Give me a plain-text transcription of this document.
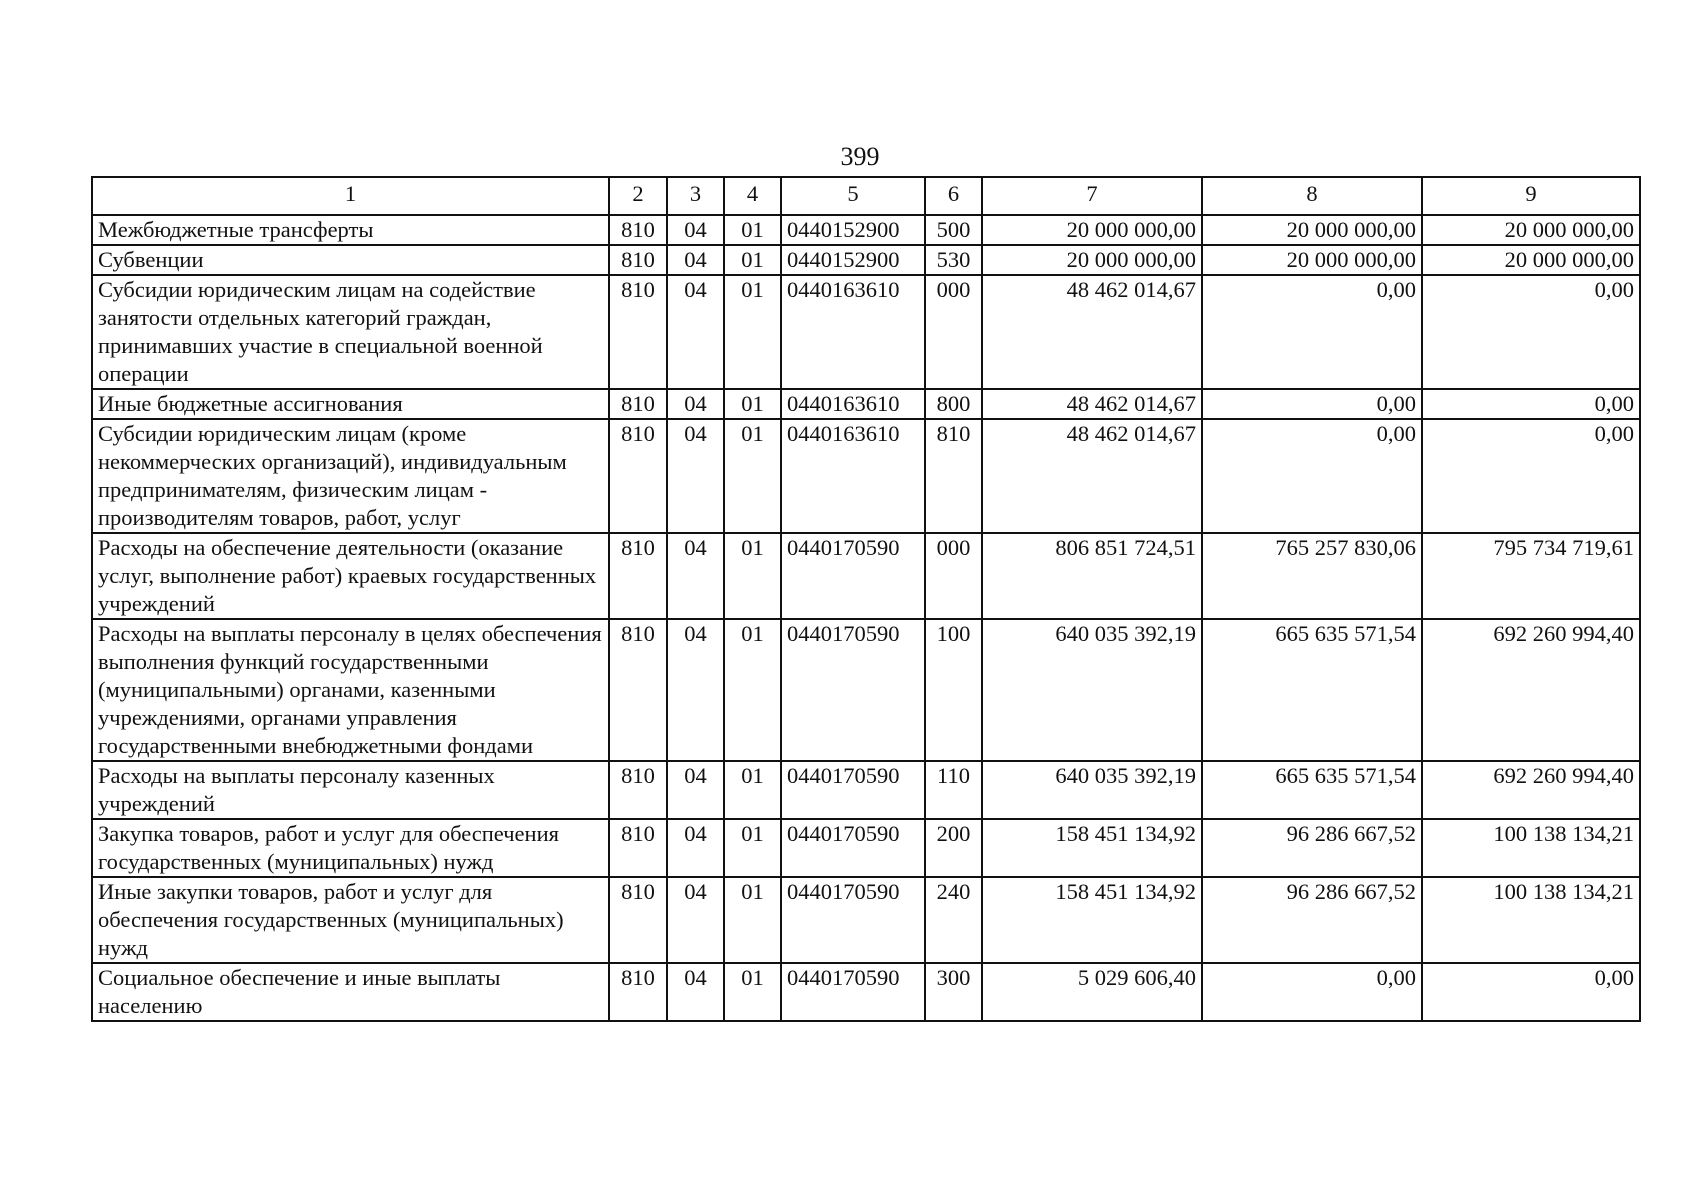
399
1	2	3	4	5	6	7	8	9
Межбюджетные трансферты	810	04	01	0440152900	500	20 000 000,00	20 000 000,00	20 000 000,00
Субвенции	810	04	01	0440152900	530	20 000 000,00	20 000 000,00	20 000 000,00
Субсидии юридическим лицам на содействие занятости отдельных категорий граждан, принимавших участие в специальной военной операции	810	04	01	0440163610	000	48 462 014,67	0,00	0,00
Иные бюджетные ассигнования	810	04	01	0440163610	800	48 462 014,67	0,00	0,00
Субсидии юридическим лицам (кроме некоммерческих организаций), индивидуальным предпринимателям, физическим лицам - производителям товаров, работ, услуг	810	04	01	0440163610	810	48 462 014,67	0,00	0,00
Расходы на обеспечение деятельности (оказание услуг, выполнение работ) краевых государственных учреждений	810	04	01	0440170590	000	806 851 724,51	765 257 830,06	795 734 719,61
Расходы на выплаты персоналу в целях обеспечения выполнения функций государственными (муниципальными) органами, казенными учреждениями, органами управления государственными внебюджетными фондами	810	04	01	0440170590	100	640 035 392,19	665 635 571,54	692 260 994,40
Расходы на выплаты персоналу казенных учреждений	810	04	01	0440170590	110	640 035 392,19	665 635 571,54	692 260 994,40
Закупка товаров, работ и услуг для обеспечения государственных (муниципальных) нужд	810	04	01	0440170590	200	158 451 134,92	96 286 667,52	100 138 134,21
Иные закупки товаров, работ и услуг для обеспечения государственных (муниципальных) нужд	810	04	01	0440170590	240	158 451 134,92	96 286 667,52	100 138 134,21
Социальное обеспечение и иные выплаты населению	810	04	01	0440170590	300	5 029 606,40	0,00	0,00
